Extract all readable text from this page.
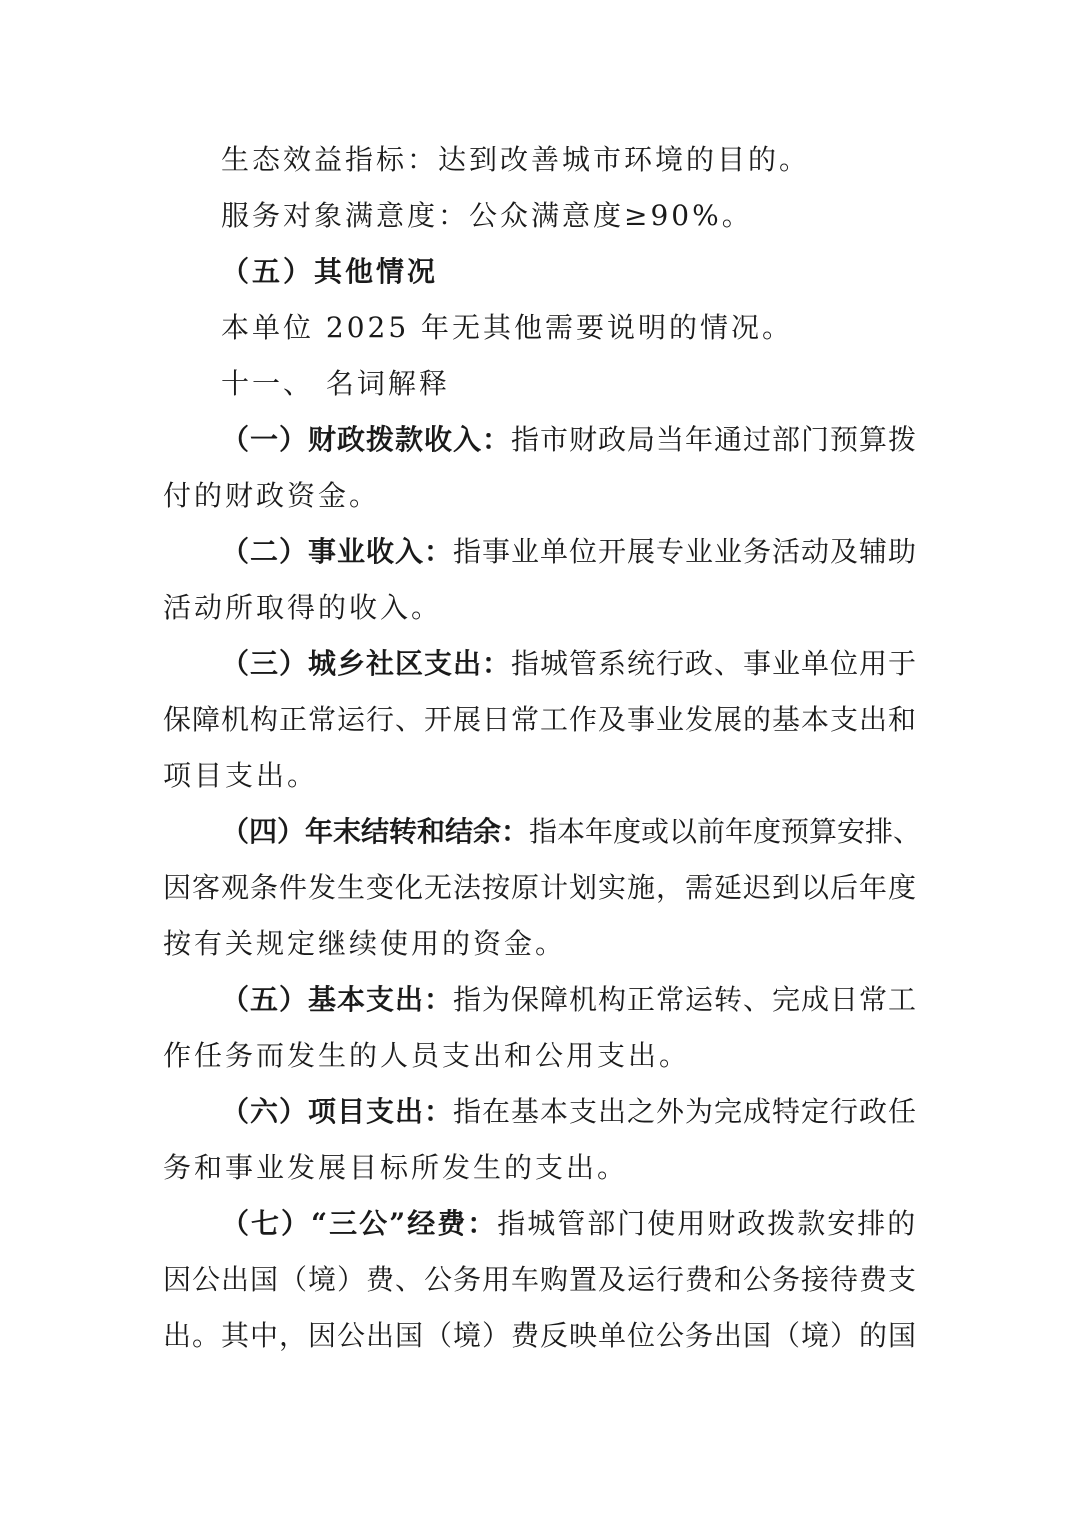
生态效益指标：达到改善城市环境的目的。
服务对象满意度：公众满意度≥90%。
（五）其他情况
本单位 2025 年无其他需要说明的情况。
十一、 名词解释
（一）财政拨款收入：指市财政局当年通过部门预算拨
付的财政资金。
（二）事业收入：指事业单位开展专业业务活动及辅助
活动所取得的收入。
（三）城乡社区支出：指城管系统行政、事业单位用于
保障机构正常运行、开展日常工作及事业发展的基本支出和
项目支出。
（四）年末结转和结余：指本年度或以前年度预算安排、
因客观条件发生变化无法按原计划实施，需延迟到以后年度
按有关规定继续使用的资金。
（五）基本支出：指为保障机构正常运转、完成日常工
作任务而发生的人员支出和公用支出。
（六）项目支出：指在基本支出之外为完成特定行政任
务和事业发展目标所发生的支出。
（七）“三公”经费：指城管部门使用财政拨款安排的
因公出国（境）费、公务用车购置及运行费和公务接待费支
出。其中，因公出国（境）费反映单位公务出国（境）的国
